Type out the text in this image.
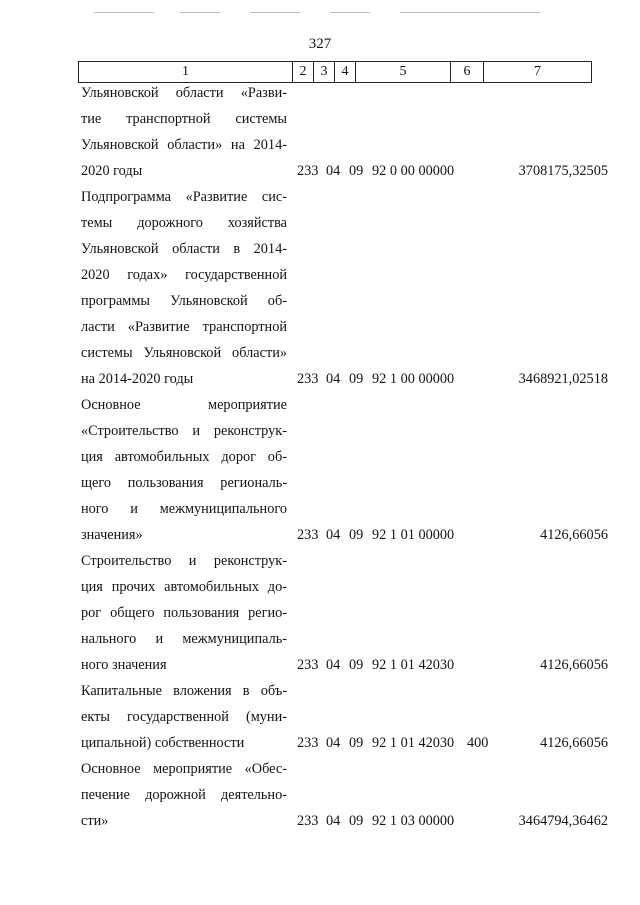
327
1	2	3	4	5	6	7
Ульяновской области «Разви-
тие транспортной системы
Ульяновской области» на 2014-
2020 годы	233 04 09 92 0 00 00000	3708175,32505
Подпрограмма «Развитие сис-
темы дорожного хозяйства
Ульяновской области в 2014-
2020 годах» государственной
программы Ульяновской об-
ласти «Развитие транспортной
системы Ульяновской области»
на 2014-2020 годы	233 04 09 92 1 00 00000	3468921,02518
Основное мероприятие
«Строительство и реконструк-
ция автомобильных дорог об-
щего пользования региональ-
ного и межмуниципального
значения»	233 04 09 92 1 01 00000	4126,66056
Строительство и реконструк-
ция прочих автомобильных до-
рог общего пользования регио-
нального и межмуниципаль-
ного значения	233 04 09 92 1 01 42030	4126,66056
Капитальные вложения в объ-
екты государственной (муни-
ципальной) собственности	233 04 09 92 1 01 42030 400	4126,66056
Основное мероприятие «Обес-
печение дорожной деятельно-
сти»	233 04 09 92 1 03 00000	3464794,36462
